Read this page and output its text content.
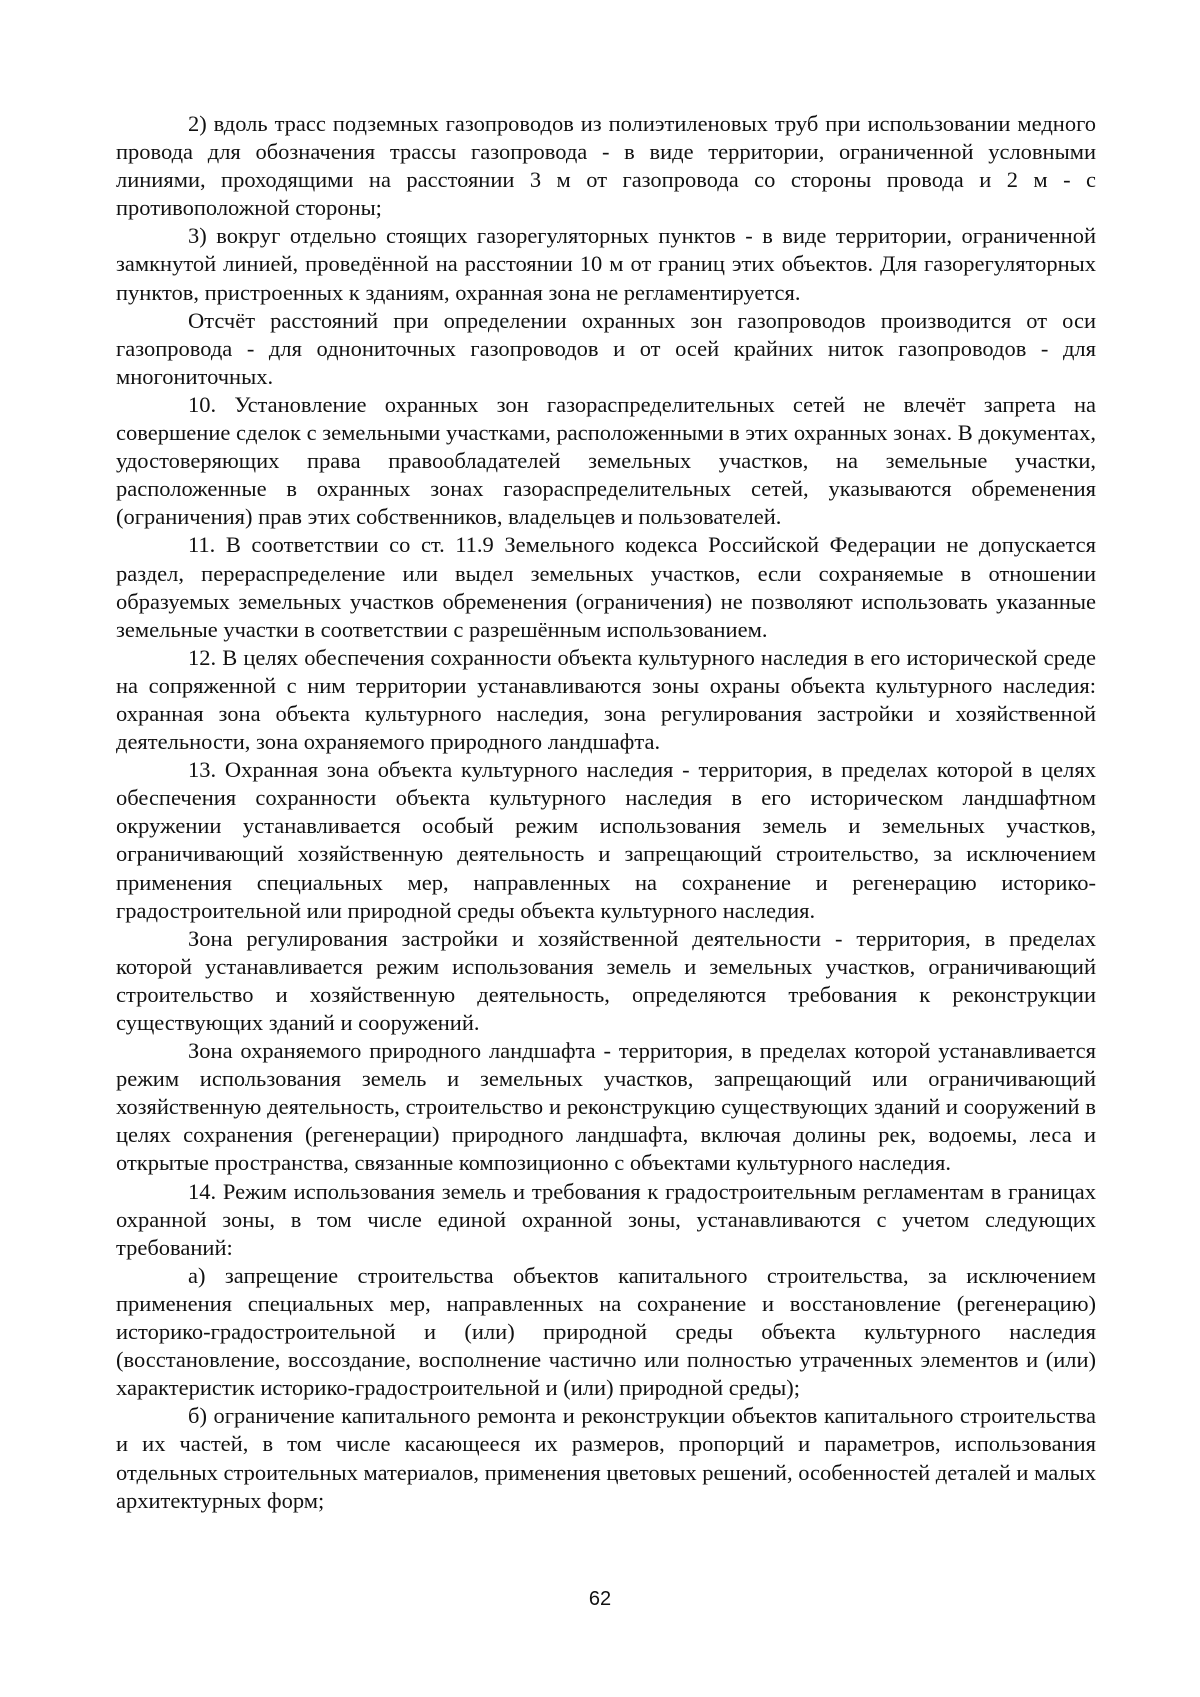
2) вдоль трасс подземных газопроводов из полиэтиленовых труб при использовании медного провода для обозначения трассы газопровода - в виде территории, ограниченной условными линиями, проходящими на расстоянии 3 м от газопровода со стороны провода и 2 м - с противоположной стороны;

3) вокруг отдельно стоящих газорегуляторных пунктов - в виде территории, ограниченной замкнутой линией, проведённой на расстоянии 10 м от границ этих объектов. Для газорегуляторных пунктов, пристроенных к зданиям, охранная зона не регламентируется.

Отсчёт расстояний при определении охранных зон газопроводов производится от оси газопровода - для однониточных газопроводов и от осей крайних ниток газопроводов - для многониточных.

10. Установление охранных зон газораспределительных сетей не влечёт запрета на совершение сделок с земельными участками, расположенными в этих охранных зонах. В документах, удостоверяющих права правообладателей земельных участков, на земельные участки, расположенные в охранных зонах газораспределительных сетей, указываются обременения (ограничения) прав этих собственников, владельцев и пользователей.

11. В соответствии со ст. 11.9 Земельного кодекса Российской Федерации не допускается раздел, перераспределение или выдел земельных участков, если сохраняемые в отношении образуемых земельных участков обременения (ограничения) не позволяют использовать указанные земельные участки в соответствии с разрешённым использованием.

12. В целях обеспечения сохранности объекта культурного наследия в его исторической среде на сопряженной с ним территории устанавливаются зоны охраны объекта культурного наследия: охранная зона объекта культурного наследия, зона регулирования застройки и хозяйственной деятельности, зона охраняемого природного ландшафта.

13. Охранная зона объекта культурного наследия - территория, в пределах которой в целях обеспечения сохранности объекта культурного наследия в его историческом ландшафтном окружении устанавливается особый режим использования земель и земельных участков, ограничивающий хозяйственную деятельность и запрещающий строительство, за исключением применения специальных мер, направленных на сохранение и регенерацию историко-градостроительной или природной среды объекта культурного наследия.

Зона регулирования застройки и хозяйственной деятельности - территория, в пределах которой устанавливается режим использования земель и земельных участков, ограничивающий строительство и хозяйственную деятельность, определяются требования к реконструкции существующих зданий и сооружений.

Зона охраняемого природного ландшафта - территория, в пределах которой устанавливается режим использования земель и земельных участков, запрещающий или ограничивающий хозяйственную деятельность, строительство и реконструкцию существующих зданий и сооружений в целях сохранения (регенерации) природного ландшафта, включая долины рек, водоемы, леса и открытые пространства, связанные композиционно с объектами культурного наследия.

14. Режим использования земель и требования к градостроительным регламентам в границах охранной зоны, в том числе единой охранной зоны, устанавливаются с учетом следующих требований:

а) запрещение строительства объектов капитального строительства, за исключением применения специальных мер, направленных на сохранение и восстановление (регенерацию) историко-градостроительной и (или) природной среды объекта культурного наследия (восстановление, воссоздание, восполнение частично или полностью утраченных элементов и (или) характеристик историко-градостроительной и (или) природной среды);

б) ограничение капитального ремонта и реконструкции объектов капитального строительства и их частей, в том числе касающееся их размеров, пропорций и параметров, использования отдельных строительных материалов, применения цветовых решений, особенностей деталей и малых архитектурных форм;

62
